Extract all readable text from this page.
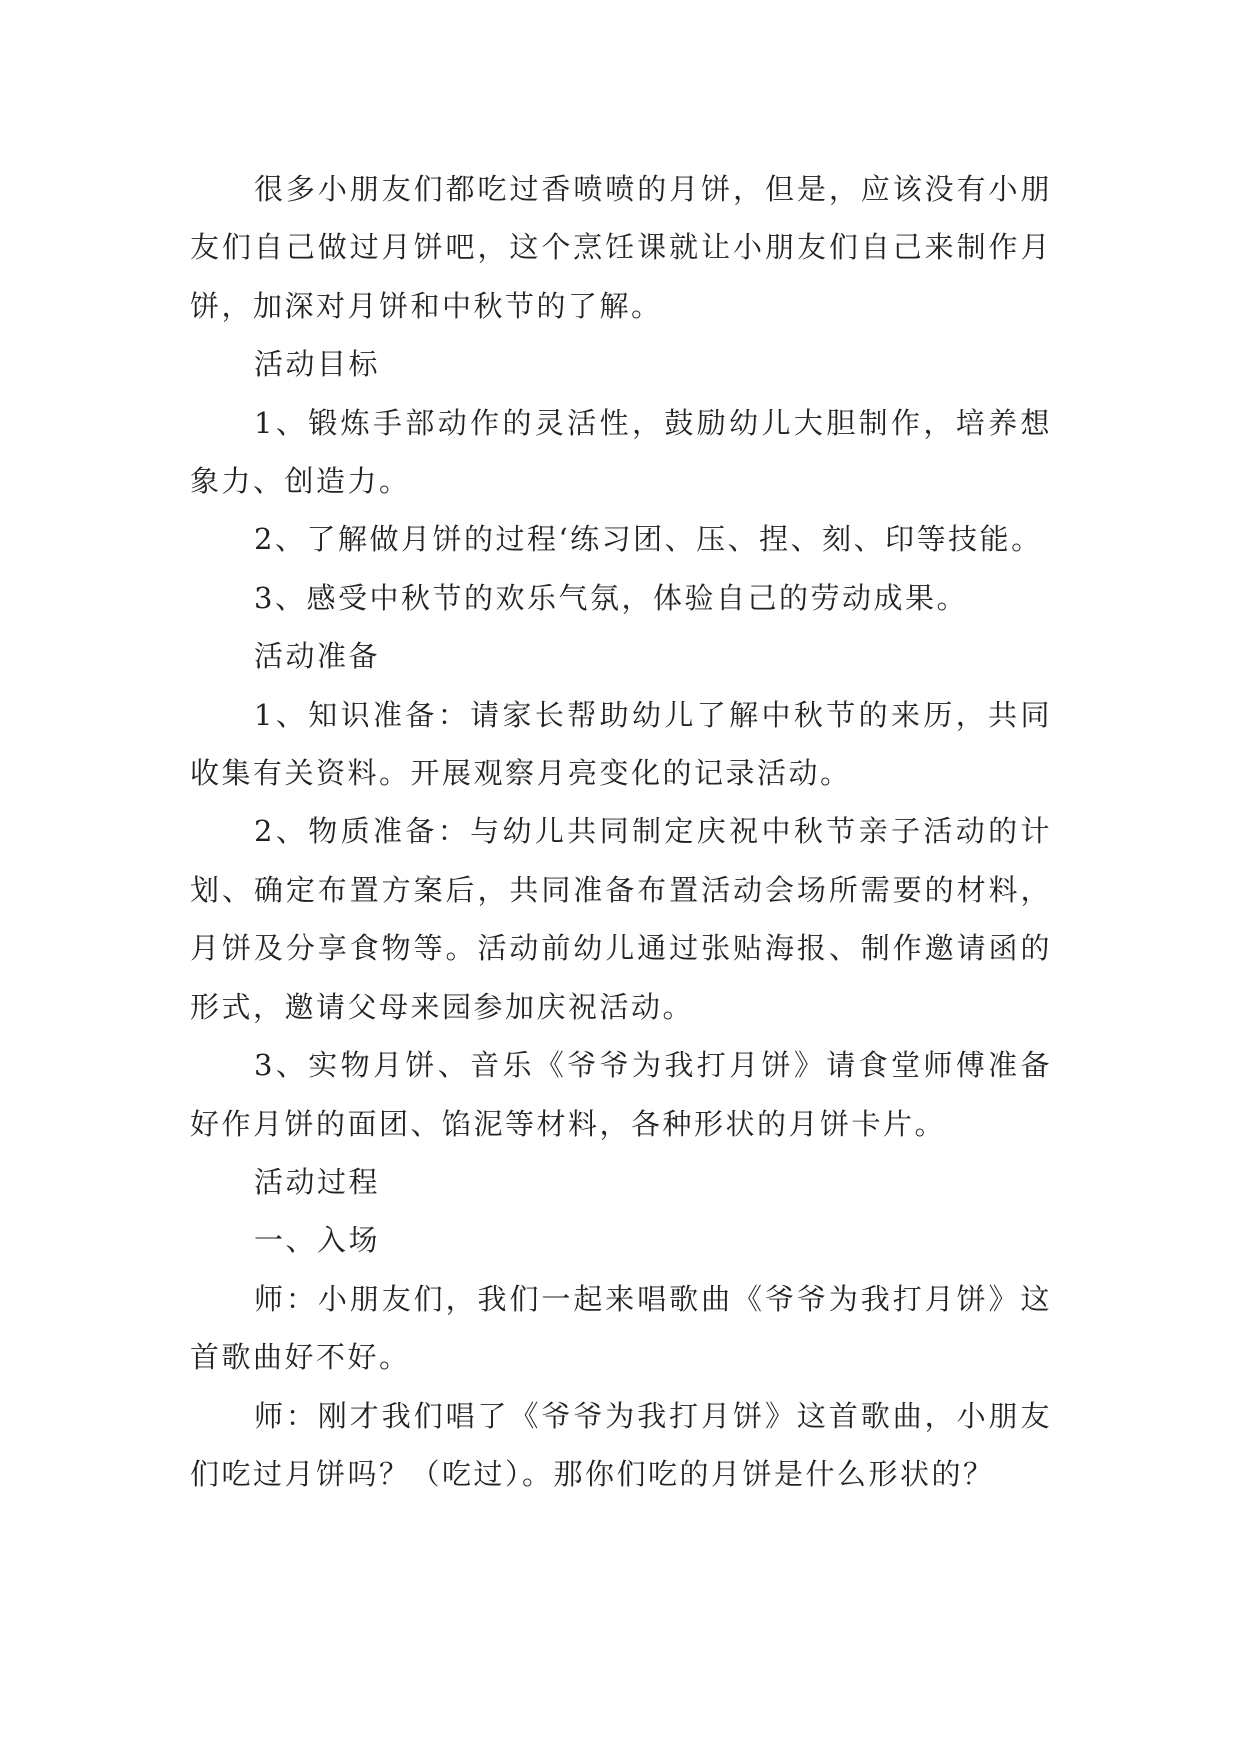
很多小朋友们都吃过香喷喷的月饼，但是，应该没有小朋友们自己做过月饼吧，这个烹饪课就让小朋友们自己来制作月饼，加深对月饼和中秋节的了解。

活动目标

1、锻炼手部动作的灵活性，鼓励幼儿大胆制作，培养想象力、创造力。

2、了解做月饼的过程‘练习团、压、捏、刻、印等技能。

3、感受中秋节的欢乐气氛，体验自己的劳动成果。

活动准备

1、知识准备：请家长帮助幼儿了解中秋节的来历，共同收集有关资料。开展观察月亮变化的记录活动。

2、物质准备：与幼儿共同制定庆祝中秋节亲子活动的计划、确定布置方案后，共同准备布置活动会场所需要的材料，月饼及分享食物等。活动前幼儿通过张贴海报、制作邀请函的形式，邀请父母来园参加庆祝活动。

3、实物月饼、音乐《爷爷为我打月饼》请食堂师傅准备好作月饼的面团、馅泥等材料，各种形状的月饼卡片。

活动过程

一、入场

师：小朋友们，我们一起来唱歌曲《爷爷为我打月饼》这首歌曲好不好。

师：刚才我们唱了《爷爷为我打月饼》这首歌曲，小朋友们吃过月饼吗？（吃过）。那你们吃的月饼是什么形状的？
